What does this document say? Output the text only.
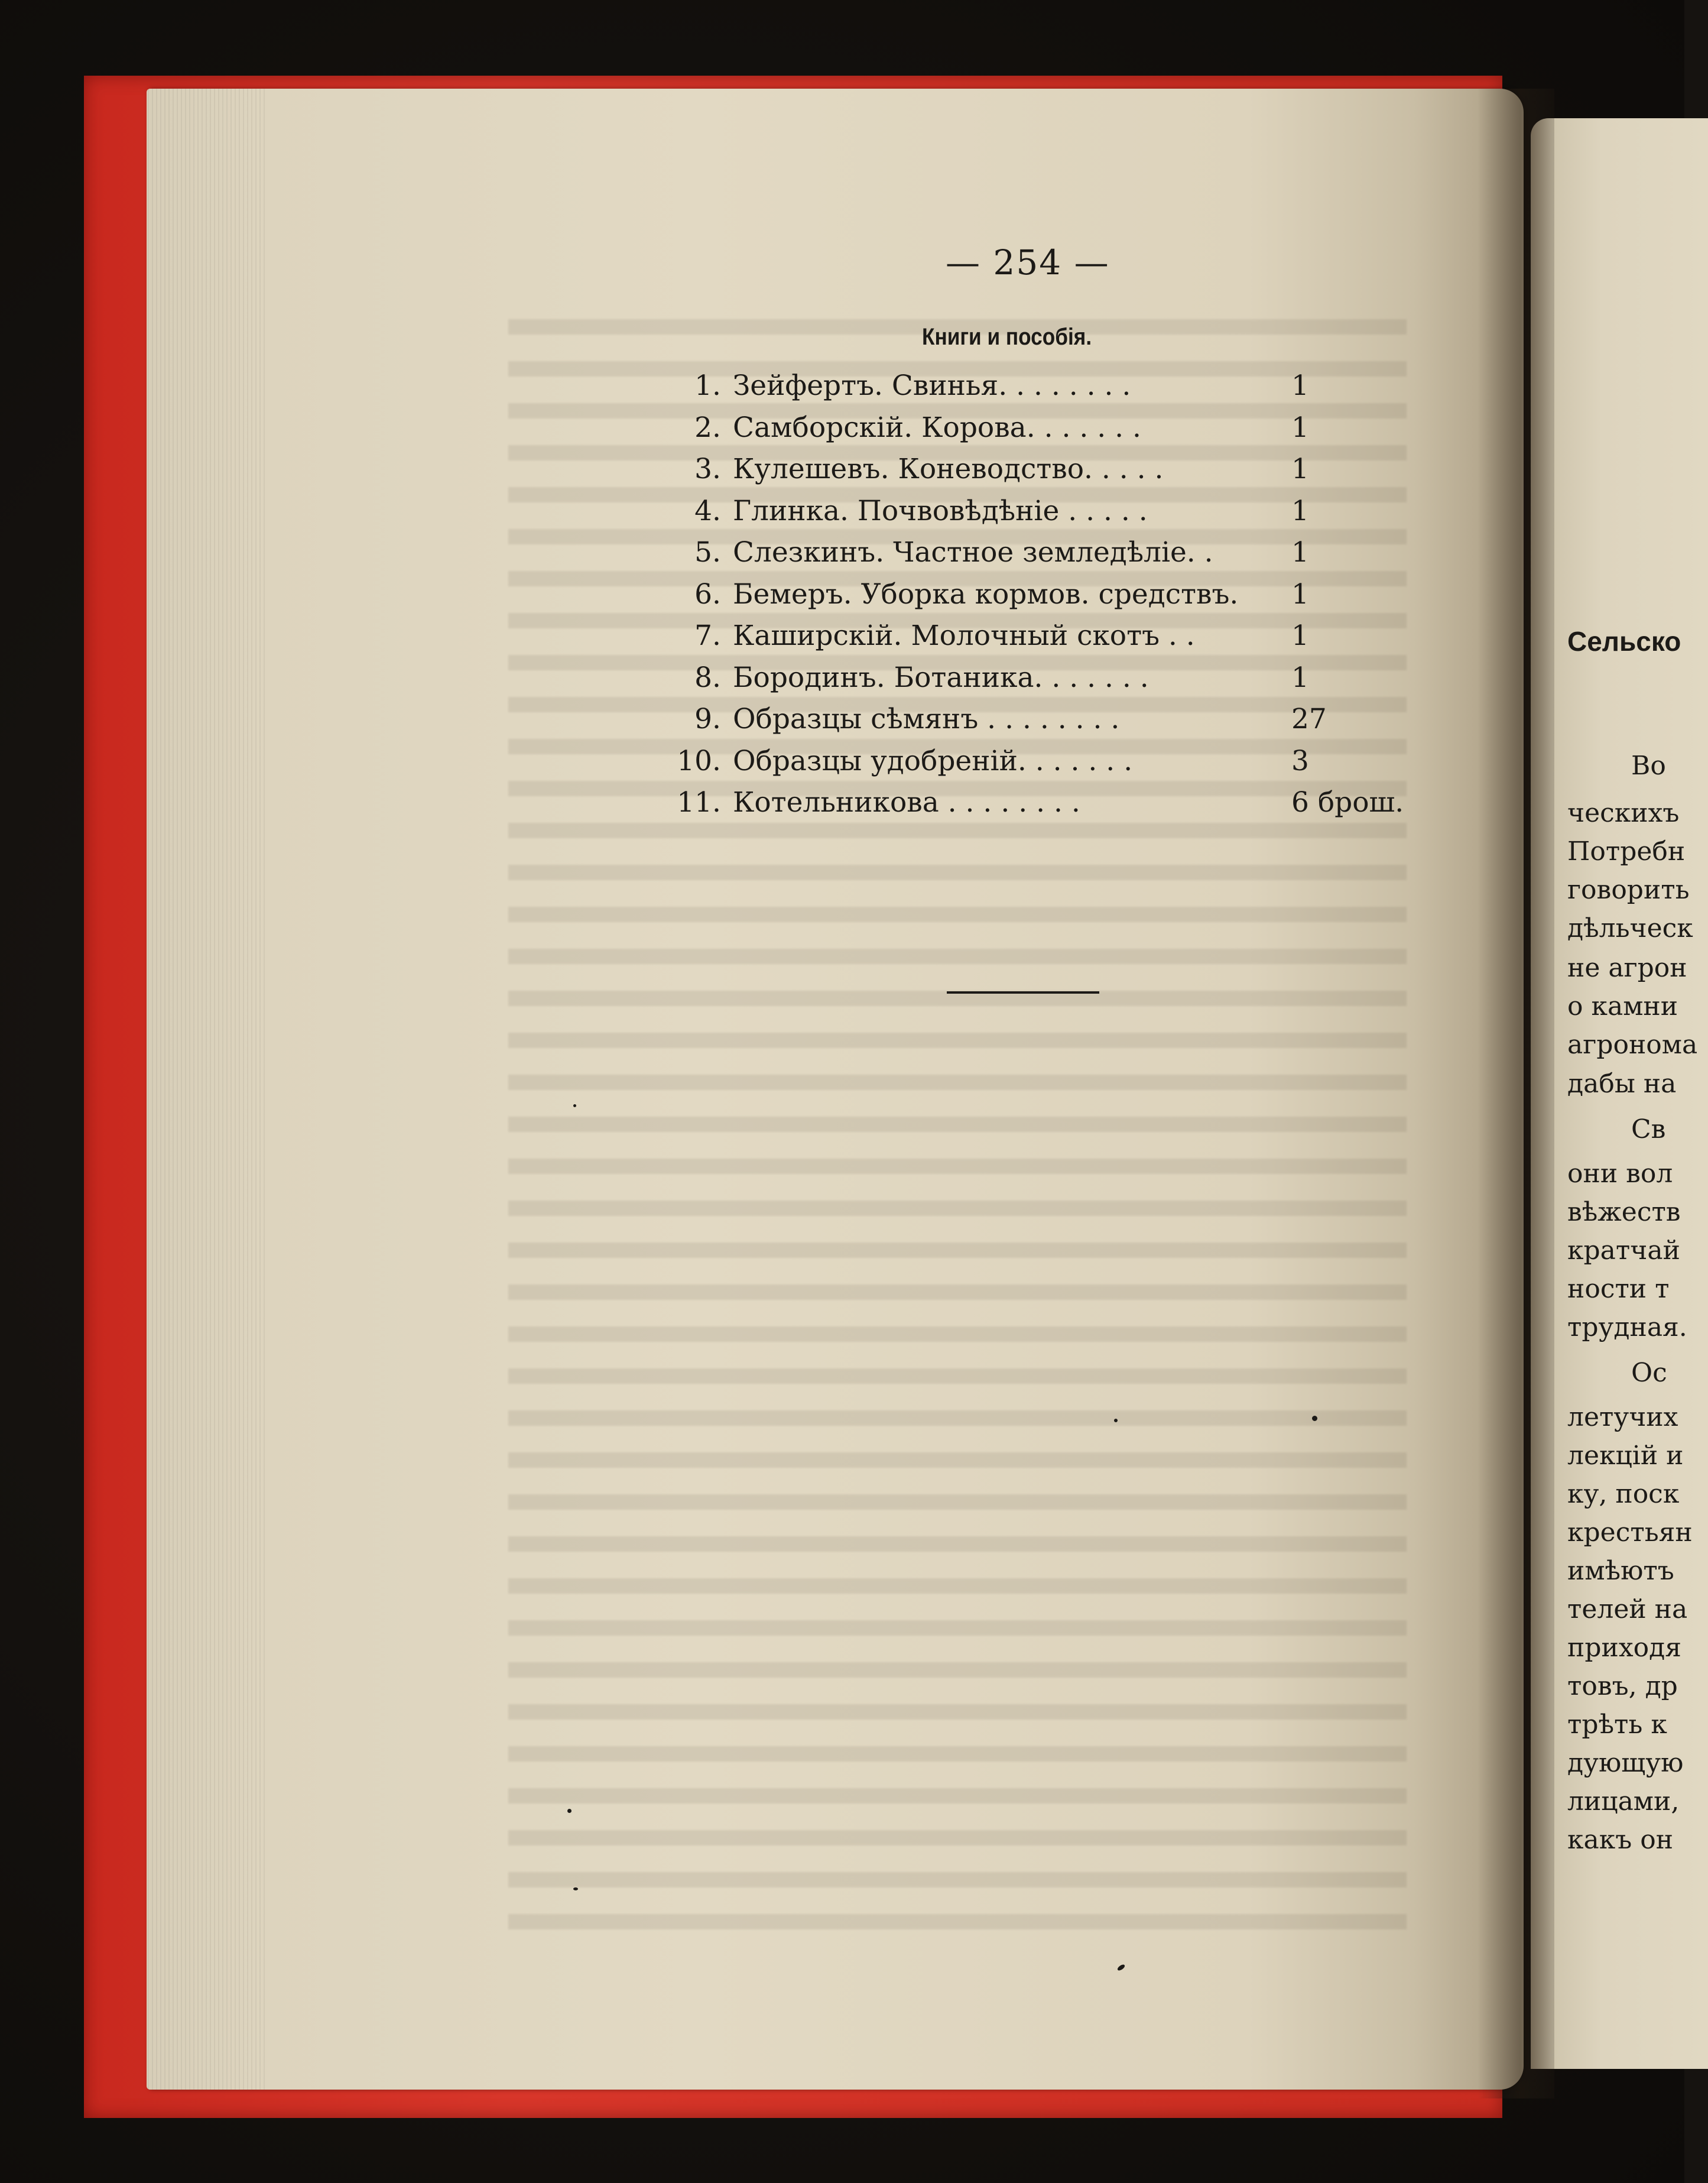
— 254 —

Книги и пособія.

1. Зейфертъ. Свинья. . . . . . . .	1
2. Самборскій. Корова. . . . . . .	1
3. Кулешевъ. Коневодство. . . . .	1
4. Глинка. Почвовѣдѣніе . . . . .	1
5. Слезкинъ. Частное земледѣліе. .	1
6. Бемеръ. Уборка кормов. средствъ. 1
7. Каширскій. Молочный скотъ . .	1
8. Бородинъ. Ботаника. . . . . . .	1
9. Образцы сѣмянъ . . . . . . . .	27
10. Образцы удобреній. . . . . . .	3
11. Котельникова . . . . . . . .	6 брош.

Сельско

Во

ческихъ

Потребн

говорить

дѣльческ

не агрон

о камни

агронома

дабы на

Св

они вол

вѣжеств

кратчай

ности т

трудная.

Ос

летучих

лекцій и

ку, поск

крестьян

имѣютъ

телей на

приходя

товъ, др

трѣть к

дующую

лицами,

какъ он
